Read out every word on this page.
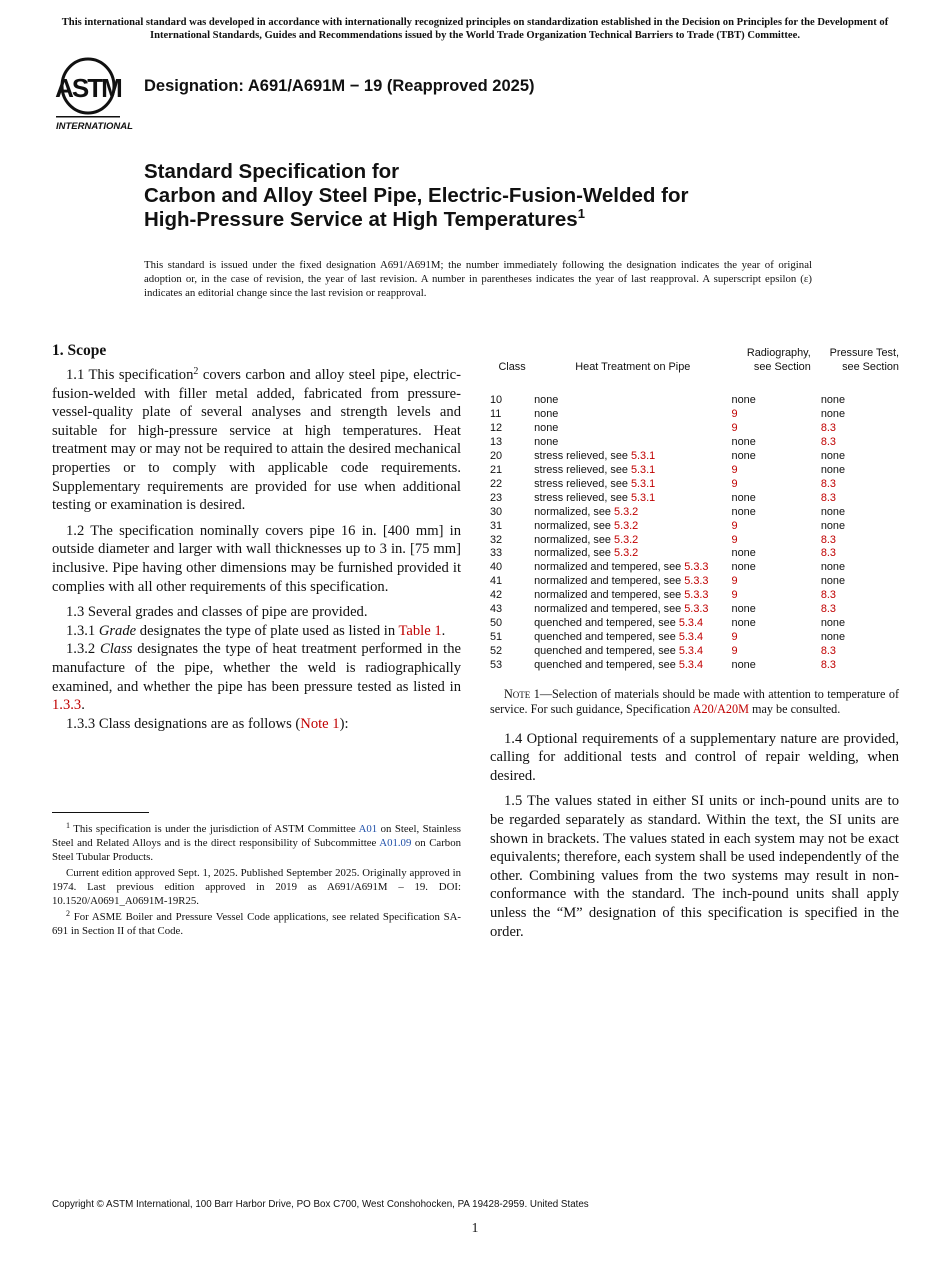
This international standard was developed in accordance with internationally recognized principles on standardization established in the Decision on Principles for the Development of International Standards, Guides and Recommendations issued by the World Trade Organization Technical Barriers to Trade (TBT) Committee.
ASTM
INTERNATIONAL
Designation: A691/A691M − 19 (Reapproved 2025)
Standard Specification for
Carbon and Alloy Steel Pipe, Electric-Fusion-Welded for
High-Pressure Service at High Temperatures$^1$
This standard is issued under the fixed designation A691/A691M; the number immediately following the designation indicates the year of original adoption or, in the case of revision, the year of last revision. A number in parentheses indicates the year of last reapproval. A superscript epsilon (ε) indicates an editorial change since the last revision or reapproval.
1. Scope

1.1 This specification$^2$ covers carbon and alloy steel pipe, electric-fusion-welded with filler metal added, fabricated from pressure-vessel-quality plate of several analyses and strength levels and suitable for high-pressure service at high temperatures. Heat treatment may or may not be required to attain the desired mechanical properties or to comply with applicable code requirements. Supplementary requirements are provided for use when additional testing or examination is desired.

1.2 The specification nominally covers pipe 16 in. [400 mm] in outside diameter and larger with wall thicknesses up to 3 in. [75 mm] inclusive. Pipe having other dimensions may be furnished provided it complies with all other requirements of this specification.

1.3 Several grades and classes of pipe are provided.

1.3.1 Grade designates the type of plate used as listed in Table 1.

1.3.2 Class designates the type of heat treatment performed in the manufacture of the pipe, whether the weld is radiographically examined, and whether the pipe has been pressure tested as listed in 1.3.3.

1.3.3 Class designations are as follows (Note 1):

$^1$ This specification is under the jurisdiction of ASTM Committee A01 on Steel, Stainless Steel and Related Alloys and is the direct responsibility of Subcommittee A01.09 on Carbon Steel Tubular Products.

Current edition approved Sept. 1, 2025. Published September 2025. Originally approved in 1974. Last previous edition approved in 2019 as A691/A691M – 19. DOI: 10.1520/A0691_A0691M-19R25.

$^2$ For ASME Boiler and Pressure Vessel Code applications, see related Specification SA-691 in Section II of that Code.

Class	Heat Treatment on Pipe	Radiography, see Section	Pressure Test, see Section
10	none	none	none
11	none	9	none
12	none	9	8.3
13	none	none	8.3
20	stress relieved, see 5.3.1	none	none
21	stress relieved, see 5.3.1	9	none
22	stress relieved, see 5.3.1	9	8.3
23	stress relieved, see 5.3.1	none	8.3
30	normalized, see 5.3.2	none	none
31	normalized, see 5.3.2	9	none
32	normalized, see 5.3.2	9	8.3
33	normalized, see 5.3.2	none	8.3
40	normalized and tempered, see 5.3.3	none	none
41	normalized and tempered, see 5.3.3	9	none
42	normalized and tempered, see 5.3.3	9	8.3
43	normalized and tempered, see 5.3.3	none	8.3
50	quenched and tempered, see 5.3.4	none	none
51	quenched and tempered, see 5.3.4	9	none
52	quenched and tempered, see 5.3.4	9	8.3
53	quenched and tempered, see 5.3.4	none	8.3

Note 1—Selection of materials should be made with attention to temperature of service. For such guidance, Specification A20/A20M may be consulted.

1.4 Optional requirements of a supplementary nature are provided, calling for additional tests and control of repair welding, when desired.

1.5 The values stated in either SI units or inch-pound units are to be regarded separately as standard. Within the text, the SI units are shown in brackets. The values stated in each system may not be exact equivalents; therefore, each system shall be used independently of the other. Combining values from the two systems may result in non-conformance with the standard. The inch-pound units shall apply unless the “M” designation of this specification is specified in the order.

Copyright © ASTM International, 100 Barr Harbor Drive, PO Box C700, West Conshohocken, PA 19428-2959. United States
1
